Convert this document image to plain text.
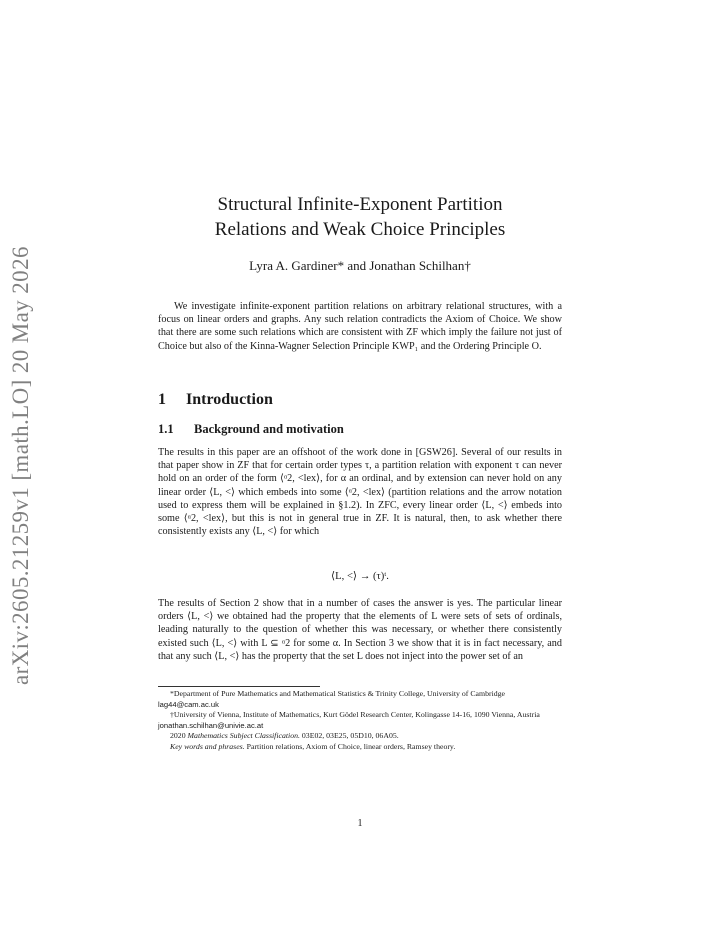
arXiv:2605.21259v1 [math.LO] 20 May 2026
Structural Infinite-Exponent Partition
Relations and Weak Choice Principles
Lyra A. Gardiner* and Jonathan Schilhan†
We investigate infinite-exponent partition relations on arbitrary relational structures, with a focus on linear orders and graphs. Any such relation contradicts the Axiom of Choice. We show that there are some such relations which are consistent with ZF which imply the failure not just of Choice but also of the Kinna-Wagner Selection Principle KWP₁ and the Ordering Principle O.
1 Introduction
1.1 Background and motivation
The results in this paper are an offshoot of the work done in [GSW26]. Several of our results in that paper show in ZF that for certain order types τ, a partition relation with exponent τ can never hold on an order of the form ⟨ᵅ2, <lex⟩, for α an ordinal, and by extension can never hold on any linear order ⟨L, <⟩ which embeds into some ⟨ᵅ2, <lex⟩ (partition relations and the arrow notation used to express them will be explained in §1.2). In ZFC, every linear order ⟨L, <⟩ embeds into some ⟨ᵅ2, <lex⟩, but this is not in general true in ZF. It is natural, then, to ask whether there consistently exists any ⟨L, <⟩ for which
⟨L, <⟩ → (τ)ᵗ.
The results of Section 2 show that in a number of cases the answer is yes. The particular linear orders ⟨L, <⟩ we obtained had the property that the elements of L were sets of sets of ordinals, leading naturally to the question of whether this was necessary, or whether there consistently existed such ⟨L, <⟩ with L ⊆ ᵅ2 for some α. In Section 3 we show that it is in fact necessary, and that any such ⟨L, <⟩ has the property that the set L does not inject into the power set of an
*Department of Pure Mathematics and Mathematical Statistics & Trinity College, University of Cambridge
lag44@cam.ac.uk
†University of Vienna, Institute of Mathematics, Kurt Gödel Research Center, Kolingasse 14-16, 1090 Vienna, Austria
jonathan.schilhan@univie.ac.at
2020 Mathematics Subject Classification. 03E02, 03E25, 05D10, 06A05.
Key words and phrases. Partition relations, Axiom of Choice, linear orders, Ramsey theory.
1
